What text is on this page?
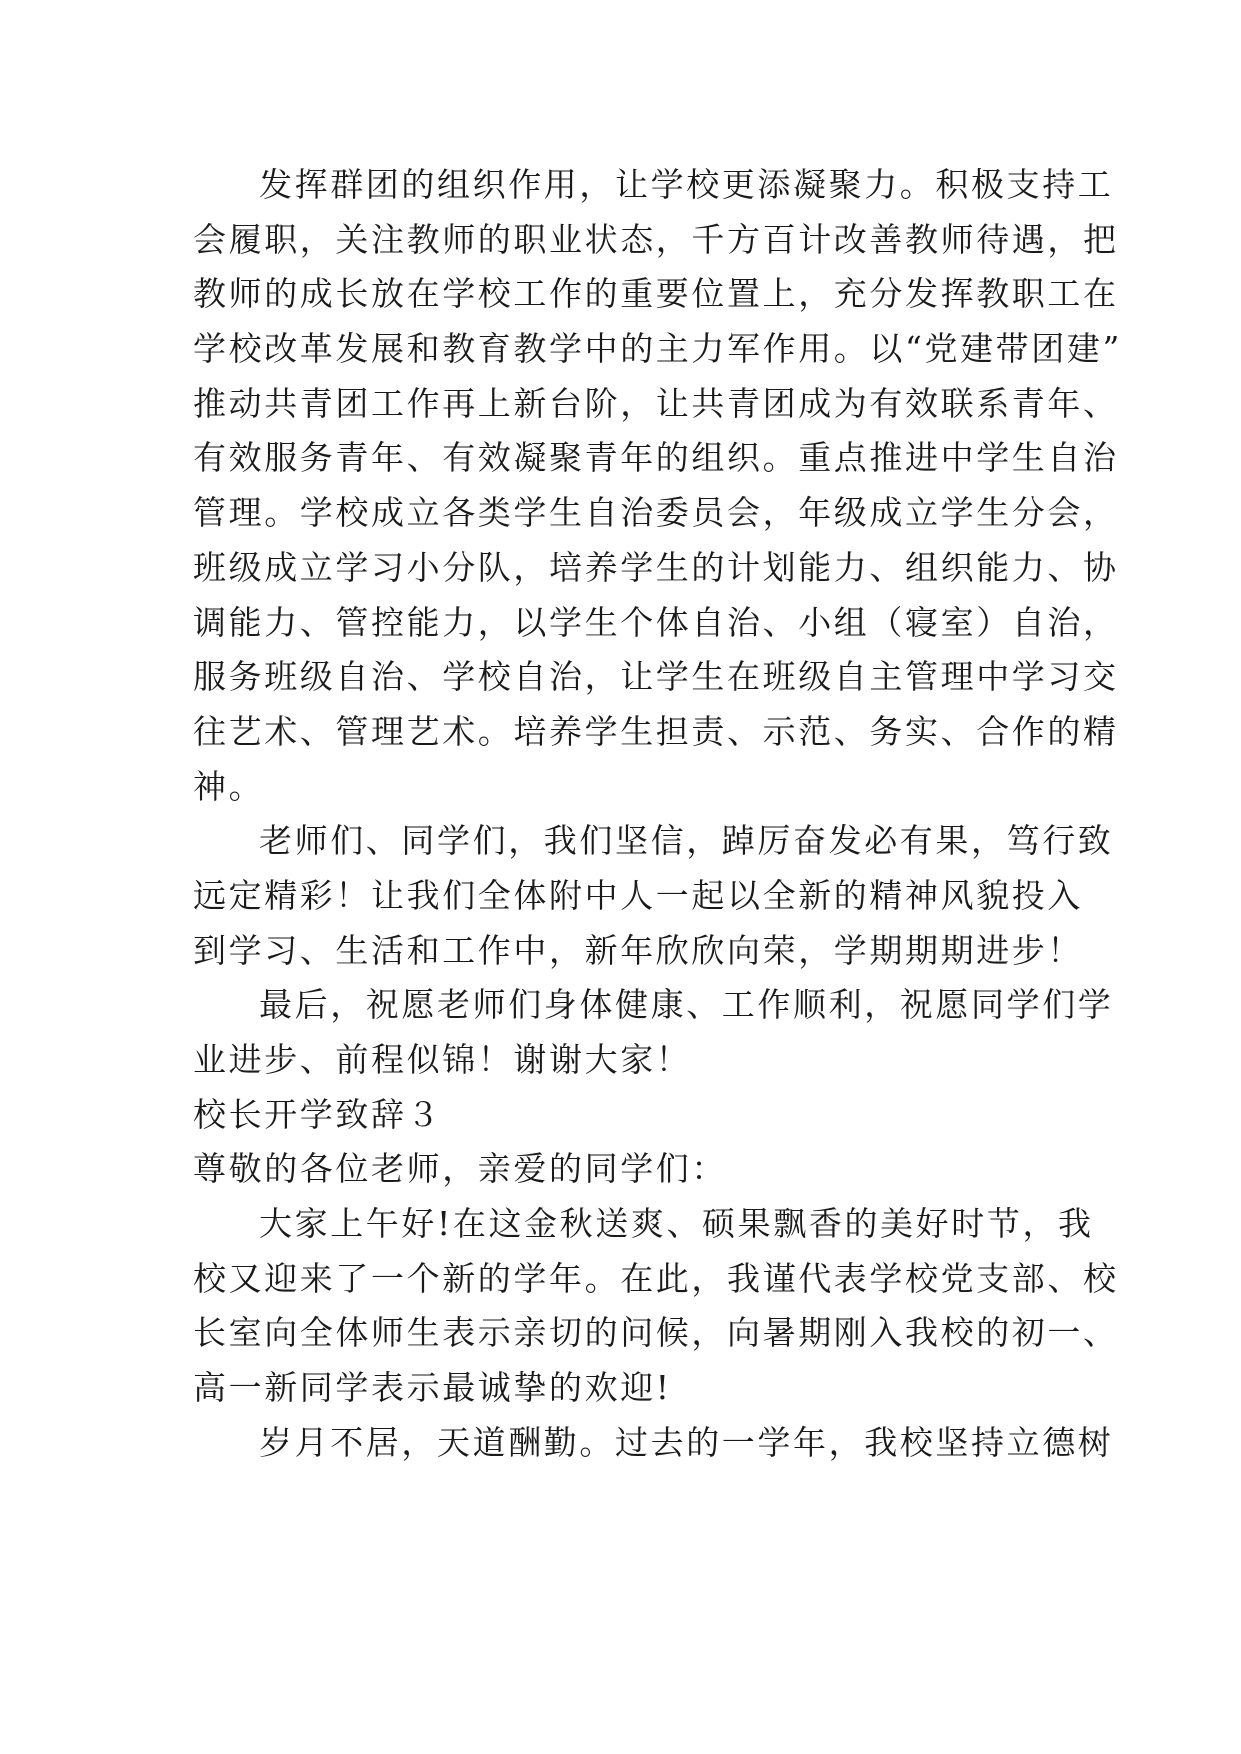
发挥群团的组织作用，让学校更添凝聚力。积极支持工
会履职，关注教师的职业状态，千方百计改善教师待遇，把
教师的成长放在学校工作的重要位置上，充分发挥教职工在
学校改革发展和教育教学中的主力军作用。以“党建带团建”
推动共青团工作再上新台阶，让共青团成为有效联系青年、
有效服务青年、有效凝聚青年的组织。重点推进中学生自治
管理。学校成立各类学生自治委员会，年级成立学生分会，
班级成立学习小分队，培养学生的计划能力、组织能力、协
调能力、管控能力，以学生个体自治、小组（寝室）自治，
服务班级自治、学校自治，让学生在班级自主管理中学习交
往艺术、管理艺术。培养学生担责、示范、务实、合作的精
神。
老师们、同学们，我们坚信，踔厉奋发必有果，笃行致
远定精彩！让我们全体附中人一起以全新的精神风貌投入
到学习、生活和工作中，新年欣欣向荣，学期期期进步！
最后，祝愿老师们身体健康、工作顺利，祝愿同学们学
业进步、前程似锦！谢谢大家！
校长开学致辞３
尊敬的各位老师，亲爱的同学们：
大家上午好!在这金秋送爽、硕果飘香的美好时节，我
校又迎来了一个新的学年。在此，我谨代表学校党支部、校
长室向全体师生表示亲切的问候，向暑期刚入我校的初一、
高一新同学表示最诚挚的欢迎!
岁月不居，天道酬勤。过去的一学年，我校坚持立德树
